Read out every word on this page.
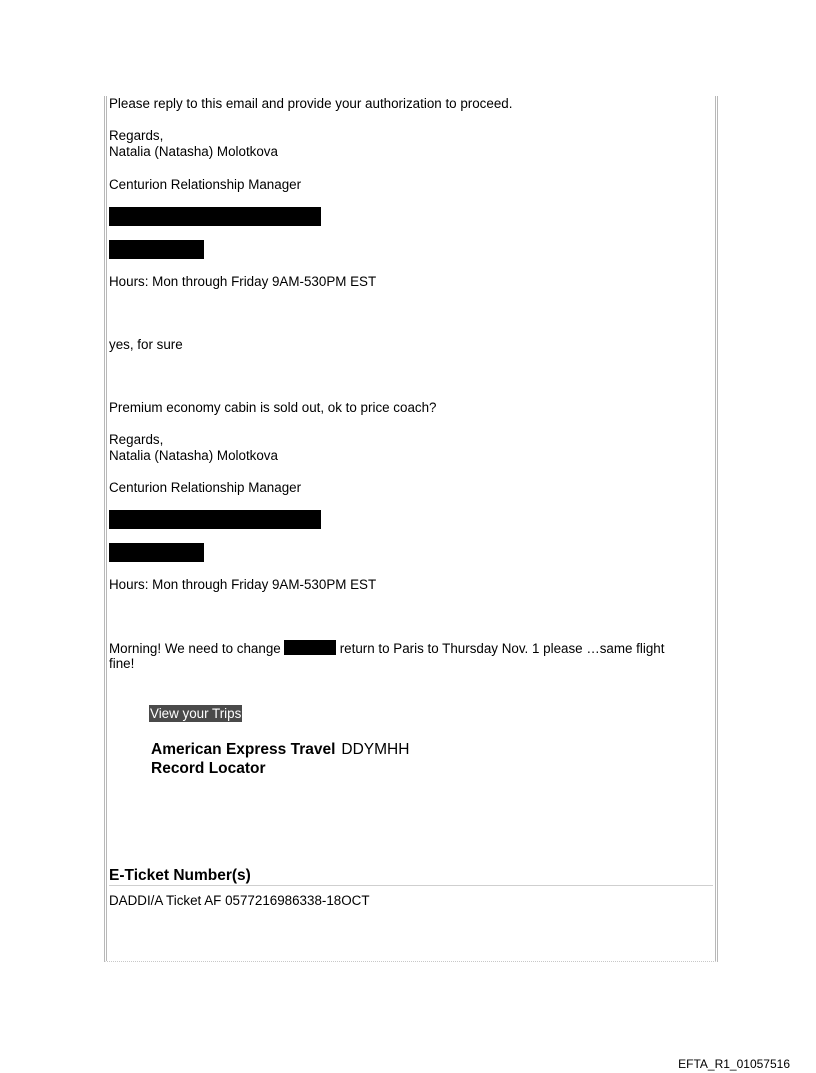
Please reply to this email and provide your authorization to proceed.
Regards,
Natalia (Natasha) Molotkova
Centurion Relationship Manager
Hours: Mon through Friday 9AM-530PM EST
yes, for sure
Premium economy cabin is sold out, ok to price coach?
Regards,
Natalia (Natasha) Molotkova
Centurion Relationship Manager
Hours: Mon through Friday 9AM-530PM EST
Morning! We need to change	return to Paris to Thursday Nov. 1 please …same flight
fine!
View your Trips
American Express Travel DDYMHH
Record Locator
E-Ticket Number(s)
DADDI/A Ticket AF 0577216986338-18OCT
EFTA_R1_01057516
